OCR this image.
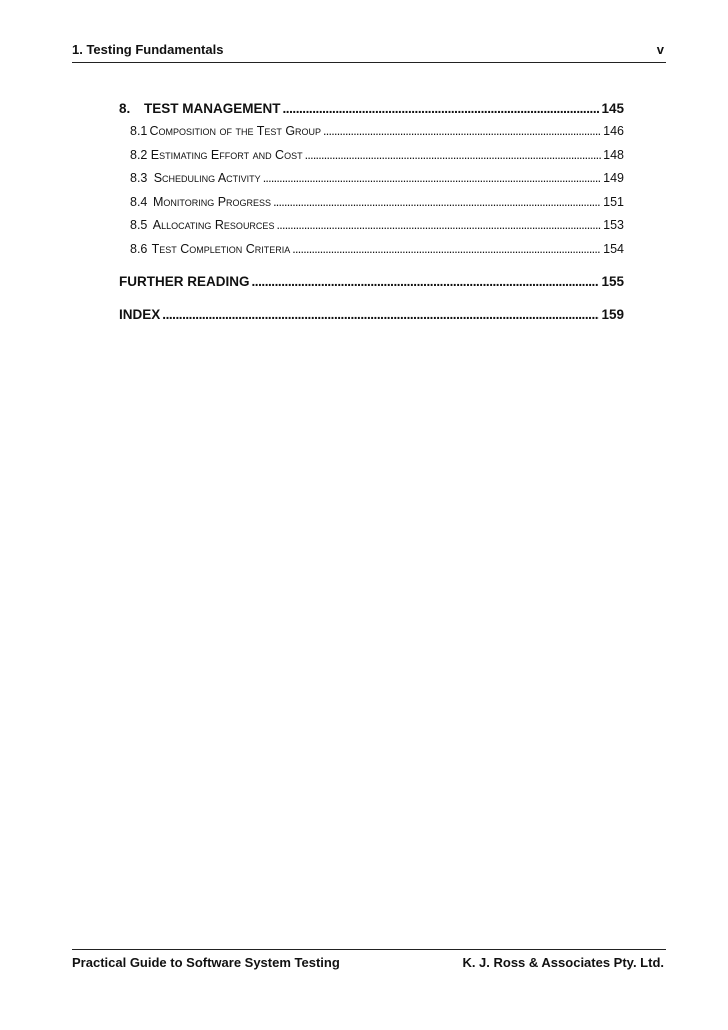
1. Testing Fundamentals	v
8. TEST MANAGEMENT . . .	145
8.1 Composition of the Test Group . . .	146
8.2 Estimating Effort and Cost . . .	148
8.3 Scheduling Activity . . .	149
8.4 Monitoring Progress . . .	151
8.5 Allocating Resources . . .	153
8.6 Test Completion Criteria . . .	154
FURTHER READING . . .	155
INDEX . . .	159
Practical Guide to Software System Testing	K. J. Ross & Associates Pty. Ltd.
